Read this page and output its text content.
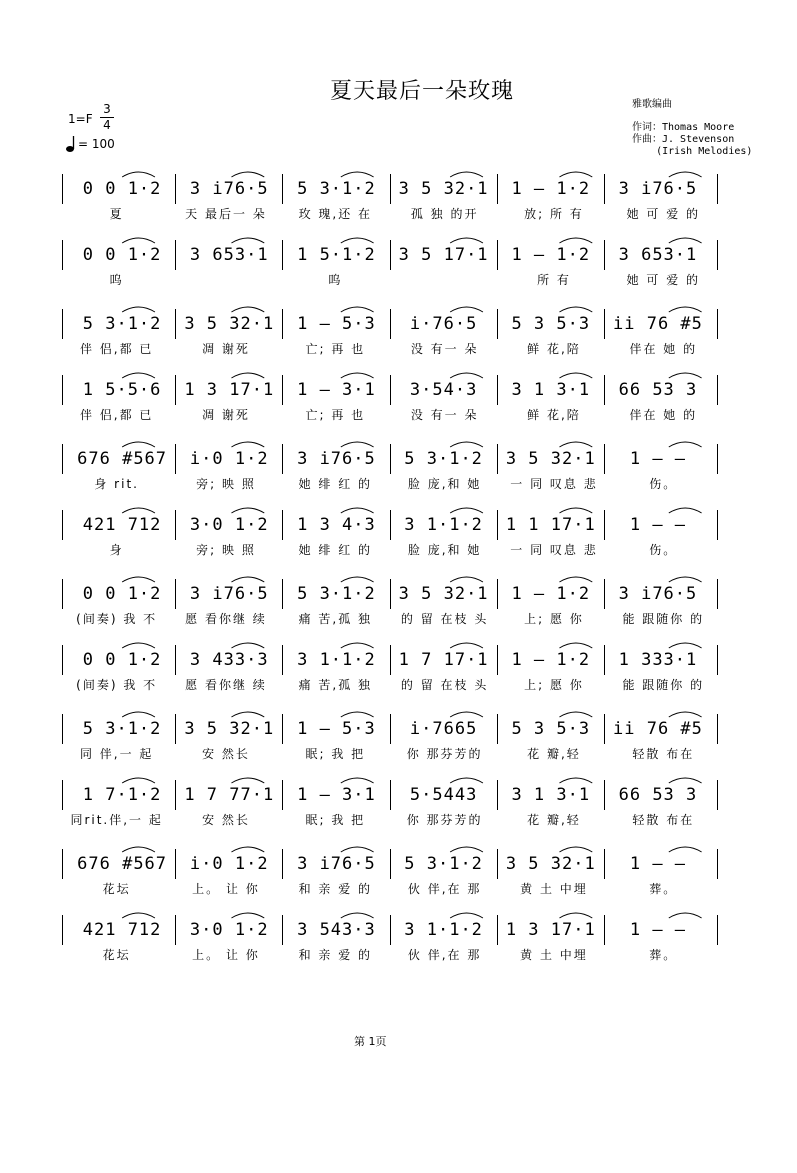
夏天最后一朵玫瑰
雅歌编曲
作词：Thomas Moore
作曲：J. Stevenson
(Irish Melodies)
1=F
3
4
= 100
0 0 1·2	3 i̇76·5	5 3·1·2	3 5 32·1	1 – 1·2	3 i̇76·5
夏	天 最后一 朵	玫 瑰,还 在	孤 独 的开	放; 所 有	她 可 爱 的
0 0 1·2	3 653·1	1 5·1·2	3 5 17·1	1 – 1·2	3 653·1
呜	呜	所 有	她 可 爱 的
5 3·1·2	3 5 32·1	1 – 5·3	i̇·76·5	5 3 5·3	i̇i̇ 76 #5
伴 侣,都 已	凋 谢死	亡; 再 也	没 有一 朵	鲜 花,陪	伴在 她 的
1 5·5·6	1 3 17·1	1 – 3·1	3·54·3	3 1 3·1	66 53 3
伴 侣,都 已	凋 谢死	亡; 再 也	没 有一 朵	鲜 花,陪	伴在 她 的
676 #567	i̇·0 1·2	3 i̇76·5	5 3·1·2	3 5 32·1	1 – –
身 rit.	旁; 映 照	她 绯 红 的	脸 庞,和 她	一 同 叹息 悲	伤。
421 712	3·0 1·2	1 3 4·3	3 1·1·2	1 1 17·1	1 – –
身	旁; 映 照	她 绯 红 的	脸 庞,和 她	一 同 叹息 悲	伤。
0 0 1·2	3 i̇76·5	5 3·1·2	3 5 32·1	1 – 1·2	3 i̇76·5
(间奏) 我 不	愿 看你继 续	痛 苦,孤 独	的 留 在枝 头	上; 愿 你	能 跟随你 的
0 0 1·2	3 433·3	3 1·1·2	1 7 17·1	1 – 1·2	1 333·1
(间奏) 我 不	愿 看你继 续	痛 苦,孤 独	的 留 在枝 头	上; 愿 你	能 跟随你 的
5 3·1·2	3 5 32·1	1 – 5·3	i̇·7665	5 3 5·3	i̇i̇ 76 #5
同 伴,一 起	安 然长	眠; 我 把	你 那芬芳的	花 瓣,轻	轻散 布在
1 7·1·2	1 7 77·1	1 – 3·1	5·5443	3 1 3·1	66 53 3
同rit.伴,一 起	安 然长	眠; 我 把	你 那芬芳的	花 瓣,轻	轻散 布在
676 #567	i̇·0 1·2	3 i̇76·5	5 3·1·2	3 5 32·1	1 – –
花坛	上。 让 你	和 亲 爱 的	伙 伴,在 那	黄 土 中埋	葬。
421 712	3·0 1·2	3 543·3	3 1·1·2	1 3 17·1	1 – –
花坛	上。 让 你	和 亲 爱 的	伙 伴,在 那	黄 土 中埋	葬。
第 1页
